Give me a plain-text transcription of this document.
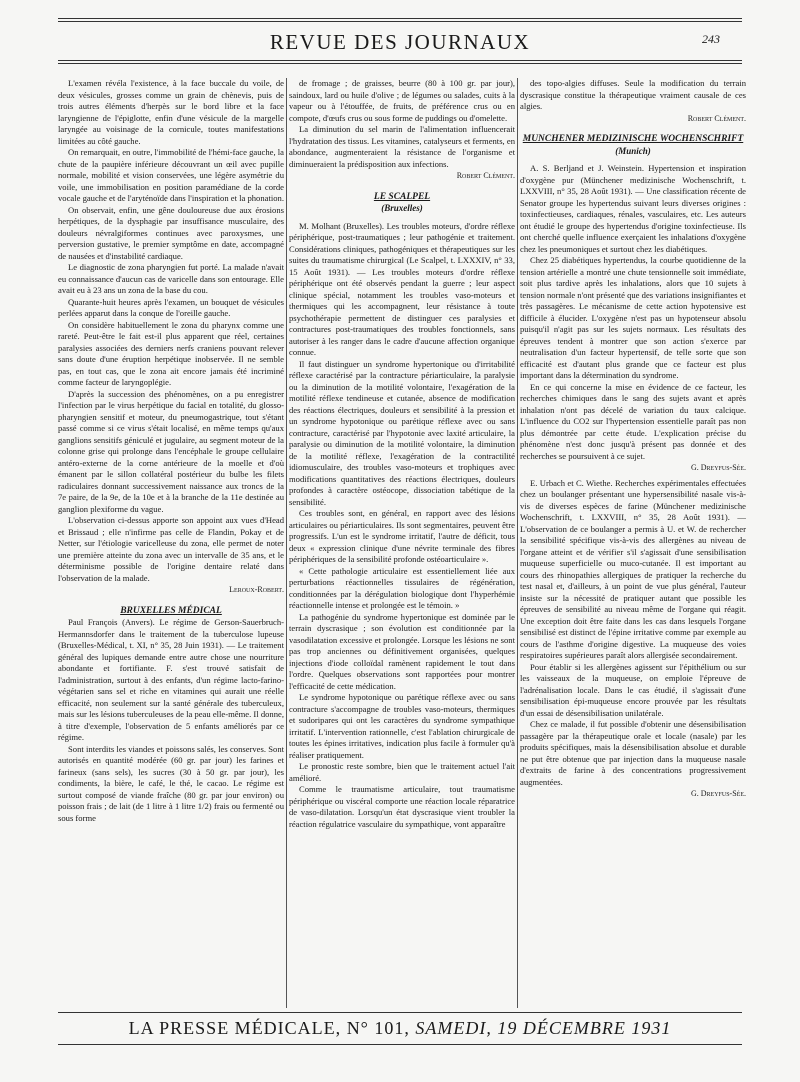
REVUE DES JOURNAUX	243

L'examen révéla l'existence, à la face buccale du voile, de deux vésicules, grosses comme un grain de chènevis, puis de trois autres éléments d'herpès sur le bord libre et la face laryngienne de l'épiglotte, enfin d'une vésicule de la margelle laryngée au voisinage de la cornicule, toutes manifestations limitées au côté gauche.

On remarquait, en outre, l'immobilité de l'hémi-face gauche, la chute de la paupière inférieure découvrant un œil avec pupille normale, mobilité et vision conservées, une légère asymétrie du voile, une immobilisation en position paramédiane de la corde vocale gauche et de l'aryténoïde dans l'inspiration et la phonation.

On observait, enfin, une gêne douloureuse due aux érosions herpétiques, de la dysphagie par insuffisance musculaire, des douleurs névralgiformes continues avec paroxysmes, une perversion gustative, le premier symptôme en date, accompagné de nausées et d'instabilité cardiaque.

Le diagnostic de zona pharyngien fut porté. La malade n'avait eu connaissance d'aucun cas de varicelle dans son entourage. Elle avait eu à 23 ans un zona de la base du cou.

Quarante-huit heures après l'examen, un bouquet de vésicules perlées apparut dans la conque de l'oreille gauche.

On considère habituellement le zona du pharynx comme une rareté. Peut-être le fait est-il plus apparent que réel, certaines paralysies associées des derniers nerfs craniens pouvant relever sans doute d'une éruption herpétique inobservée. Il ne semble pas, en tout cas, que le zona ait encore jamais été incriminé comme facteur de laryngoplégie.

D'après la succession des phénomènes, on a pu enregistrer l'infection par le virus herpétique du facial en totalité, du glosso-pharyngien sensitif et moteur, du pneumogastrique, tout s'étant passé comme si ce virus s'était localisé, en même temps qu'aux ganglions sensitifs géniculé et jugulaire, au segment moteur de la colonne grise qui prolonge dans l'encéphale le groupe cellulaire antéro-externe de la corne antérieure de la moelle et d'où émanent par le sillon collatéral postérieur du bulbe les filets radiculaires donnant successivement naissance aux troncs de la 7e paire, de la 9e, de la 10e et à la branche de la 11e destinée au ganglion plexiforme du vague.

L'observation ci-dessus apporte son appoint aux vues d'Head et Brissaud ; elle n'infirme pas celle de Flandin, Pokay et de Netter, sur l'étiologie varicelleuse du zona, elle permet de noter une première atteinte du zona avec un intervalle de 35 ans, et le déterminisme possible de l'origine dentaire relaté dans l'observation de la malade.

Leroux-Robert.

BRUXELLES MÉDICAL

Paul François (Anvers). Le régime de Gerson-Sauerbruch-Hermannsdorfer dans le traitement de la tuberculose lupeuse (Bruxelles-Médical, t. XI, n° 35, 28 Juin 1931). — Le traitement général des lupiques demande entre autre chose une nourriture abondante et fortifiante. F. s'est trouvé satisfait de l'administration, surtout à des enfants, d'un régime lacto-farino-végétarien sans sel et riche en vitamines qui aurait une réelle efficacité, non seulement sur la santé générale des tuberculeux, mais sur les lésions tuberculeuses de la peau elle-même. Il donne, à titre d'exemple, l'observation de 5 enfants améliorés par ce régime.

Sont interdits les viandes et poissons salés, les conserves. Sont autorisés en quantité modérée (60 gr. par jour) les farines et farineux (sans sels), les sucres (30 à 50 gr. par jour), les condiments, la bière, le café, le thé, le cacao. Le régime est surtout composé de viande fraîche (80 gr. par jour environ) ou poisson frais ; de lait (de 1 litre à 1 litre 1/2) frais ou fermenté ou sous forme

de fromage ; de graisses, beurre (80 à 100 gr. par jour), saindoux, lard ou huile d'olive ; de légumes ou salades, cuits à la vapeur ou à l'étouffée, de fruits, de préférence crus ou en compote, d'œufs crus ou sous forme de puddings ou d'omelette.

La diminution du sel marin de l'alimentation influencerait l'hydratation des tissus. Les vitamines, catalyseurs et ferments, en abondance, augmenteraient la résistance de l'organisme et diminueraient la prédisposition aux infections.

Robert Clément.

LE SCALPEL

(Bruxelles)

M. Molhant (Bruxelles). Les troubles moteurs, d'ordre réflexe périphérique, post-traumatiques ; leur pathogénie et traitement. Considérations cliniques, pathogéniques et thérapeutiques sur les suites du traumatisme chirurgical (Le Scalpel, t. LXXXIV, n° 33, 15 Août 1931). — Les troubles moteurs d'ordre réflexe périphérique ont été observés pendant la guerre ; leur aspect clinique spécial, notamment les troubles vaso-moteurs et thermiques qui les accompagnent, leur résistance à toute psychothérapie permettent de distinguer ces paralysies et contractures post-traumatiques des troubles fonctionnels, sans autoriser à les ranger dans le cadre d'aucune affection organique connue.

Il faut distinguer un syndrome hypertonique ou d'irritabilité réflexe caractérisé par la contracture périarticulaire, la paralysie ou la diminution de la motilité volontaire, l'exagération de la motilité réflexe tendineuse et cutanée, absence de modification des réactions électriques, douleurs et sensibilité à la pression et un syndrome hypotonique ou parétique réflexe avec ou sans contracture, caractérisé par l'hypotonie avec laxité articulaire, la paralysie ou diminution de la motilité volontaire, la diminution de la motilité réflexe, l'exagération de la contractilité idiomusculaire, des troubles vaso-moteurs et trophiques avec modifications quantitatives des réactions électriques, douleurs profondes à caractère ostéocope, dissociation tabétique de la sensibilité.

Ces troubles sont, en général, en rapport avec des lésions articulaires ou périarticulaires. Ils sont segmentaires, peuvent être progressifs. L'un est le syndrome irritatif, l'autre de déficit, tous deux « expression clinique d'une névrite terminale des fibres périphériques de la sensibilité profonde ostéoarticulaire ».

« Cette pathologie articulaire est essentiellement liée aux perturbations réactionnelles tissulaires de régénération, conditionnées par la dérégulation biologique dont l'hyperhémie réactionnelle intense et prolongée est le témoin. »

La pathogénie du syndrome hypertonique est dominée par le terrain dyscrasique ; son évolution est conditionnée par la vasodilatation excessive et prolongée. Lorsque les lésions ne sont pas trop anciennes ou définitivement organisées, quelques injections d'iode colloïdal ramènent rapidement le tout dans l'ordre. Quelques observations sont rapportées pour montrer l'efficacité de cette médication.

Le syndrome hypotonique ou parétique réflexe avec ou sans contracture s'accompagne de troubles vaso-moteurs, thermiques et sudoripares qui ont les caractères du syndrome sympathique irritatif. L'intervention rationnelle, c'est l'ablation chirurgicale de toutes les épines irritatives, indication plus facile à formuler qu'à réaliser pratiquement.

Le pronostic reste sombre, bien que le traitement actuel l'ait amélioré.

Comme le traumatisme articulaire, tout traumatisme périphérique ou viscéral comporte une réaction locale réparatrice de vaso-dilatation. Lorsqu'un état dyscrasique vient troubler la réaction régulatrice vasculaire du sympathique, vont apparaître

des topo-algies diffuses. Seule la modification du terrain dyscrasique constitue la thérapeutique vraiment causale de ces algies.

Robert Clément.

MUNCHENER MEDIZINISCHE WOCHENSCHRIFT

(Munich)

A. S. Berljand et J. Weinstein. Hypertension et inspiration d'oxygène pur (Münchener medizinische Wochenschrift, t. LXXVIII, n° 35, 28 Août 1931). — Une classification récente de Senator groupe les hypertendus suivant leurs diverses origines : toxinfectieuses, cardiaques, rénales, vasculaires, etc. Les auteurs ont étudié le groupe des hypertendus d'origine toxinfectieuse. Ils ont cherché quelle influence exerçaient les inhalations d'oxygène chez les pneumoniques et surtout chez les diabétiques.

Chez 25 diabétiques hypertendus, la courbe quotidienne de la tension artérielle a montré une chute tensionnelle soit immédiate, soit plus tardive après les inhalations, alors que 10 sujets à tension normale n'ont présenté que des variations insignifiantes et très passagères. Le mécanisme de cette action hypotensive est difficile à élucider. L'oxygène n'est pas un hypotenseur absolu puisqu'il n'agit pas sur les sujets normaux. Les résultats des épreuves tendent à montrer que son action s'exerce par neutralisation d'un facteur hypertensif, de telle sorte que son efficacité est d'autant plus grande que ce facteur est plus important dans la détermination du syndrome.

En ce qui concerne la mise en évidence de ce facteur, les recherches chimiques dans le sang des sujets avant et après inhalation n'ont pas décelé de variation du taux calcique. L'influence du CO2 sur l'hypertension essentielle paraît pas non plus démontrée par cette étude. L'explication précise du phénomène n'est donc jusqu'à présent pas donnée et des recherches se poursuivent à ce sujet.

G. Dreyfus-Sée.

E. Urbach et C. Wiethe. Recherches expérimentales effectuées chez un boulanger présentant une hypersensibilité nasale vis-à-vis de diverses espèces de farine (Münchener medizinische Wochenschrift, t. LXXVIII, n° 35, 28 Août 1931). — L'observation de ce boulanger a permis à U. et W. de rechercher la sensibilité spécifique vis-à-vis des allergènes au niveau de l'organe atteint et de vérifier s'il s'agissait d'une sensibilisation muqueuse superficielle ou muco-cutanée. Il est important au cours des rhinopathies allergiques de pratiquer la recherche du test nasal et, d'ailleurs, à un point de vue plus général, l'auteur insiste sur la nécessité de pratiquer autant que possible les épreuves de sensibilité au niveau même de l'organe qui réagit. Une exception doit être faite dans les cas dans lesquels l'organe sensibilisé est distinct de l'épine irritative comme par exemple au cours de l'asthme d'origine digestive. La muqueuse des voies respiratoires supérieures paraît alors allergisée secondairement.

Pour établir si les allergènes agissent sur l'épithélium ou sur les vaisseaux de la muqueuse, on emploie l'épreuve de l'adrénalisation locale. Dans le cas étudié, il s'agissait d'une sensibilisation épi-muqueuse encore prouvée par les résultats d'un essai de désensibilisation unilatérale.

Chez ce malade, il fut possible d'obtenir une désensibilisation passagère par la thérapeutique orale et locale (nasale) par les produits spécifiques, mais la désensibilisation absolue et durable ne put être obtenue que par injection dans la muqueuse nasale d'extraits de farine à des concentrations progressivement augmentées.

G. Dreyfus-Sée.

LA PRESSE MÉDICALE, N° 101, SAMEDI, 19 DÉCEMBRE 1931
